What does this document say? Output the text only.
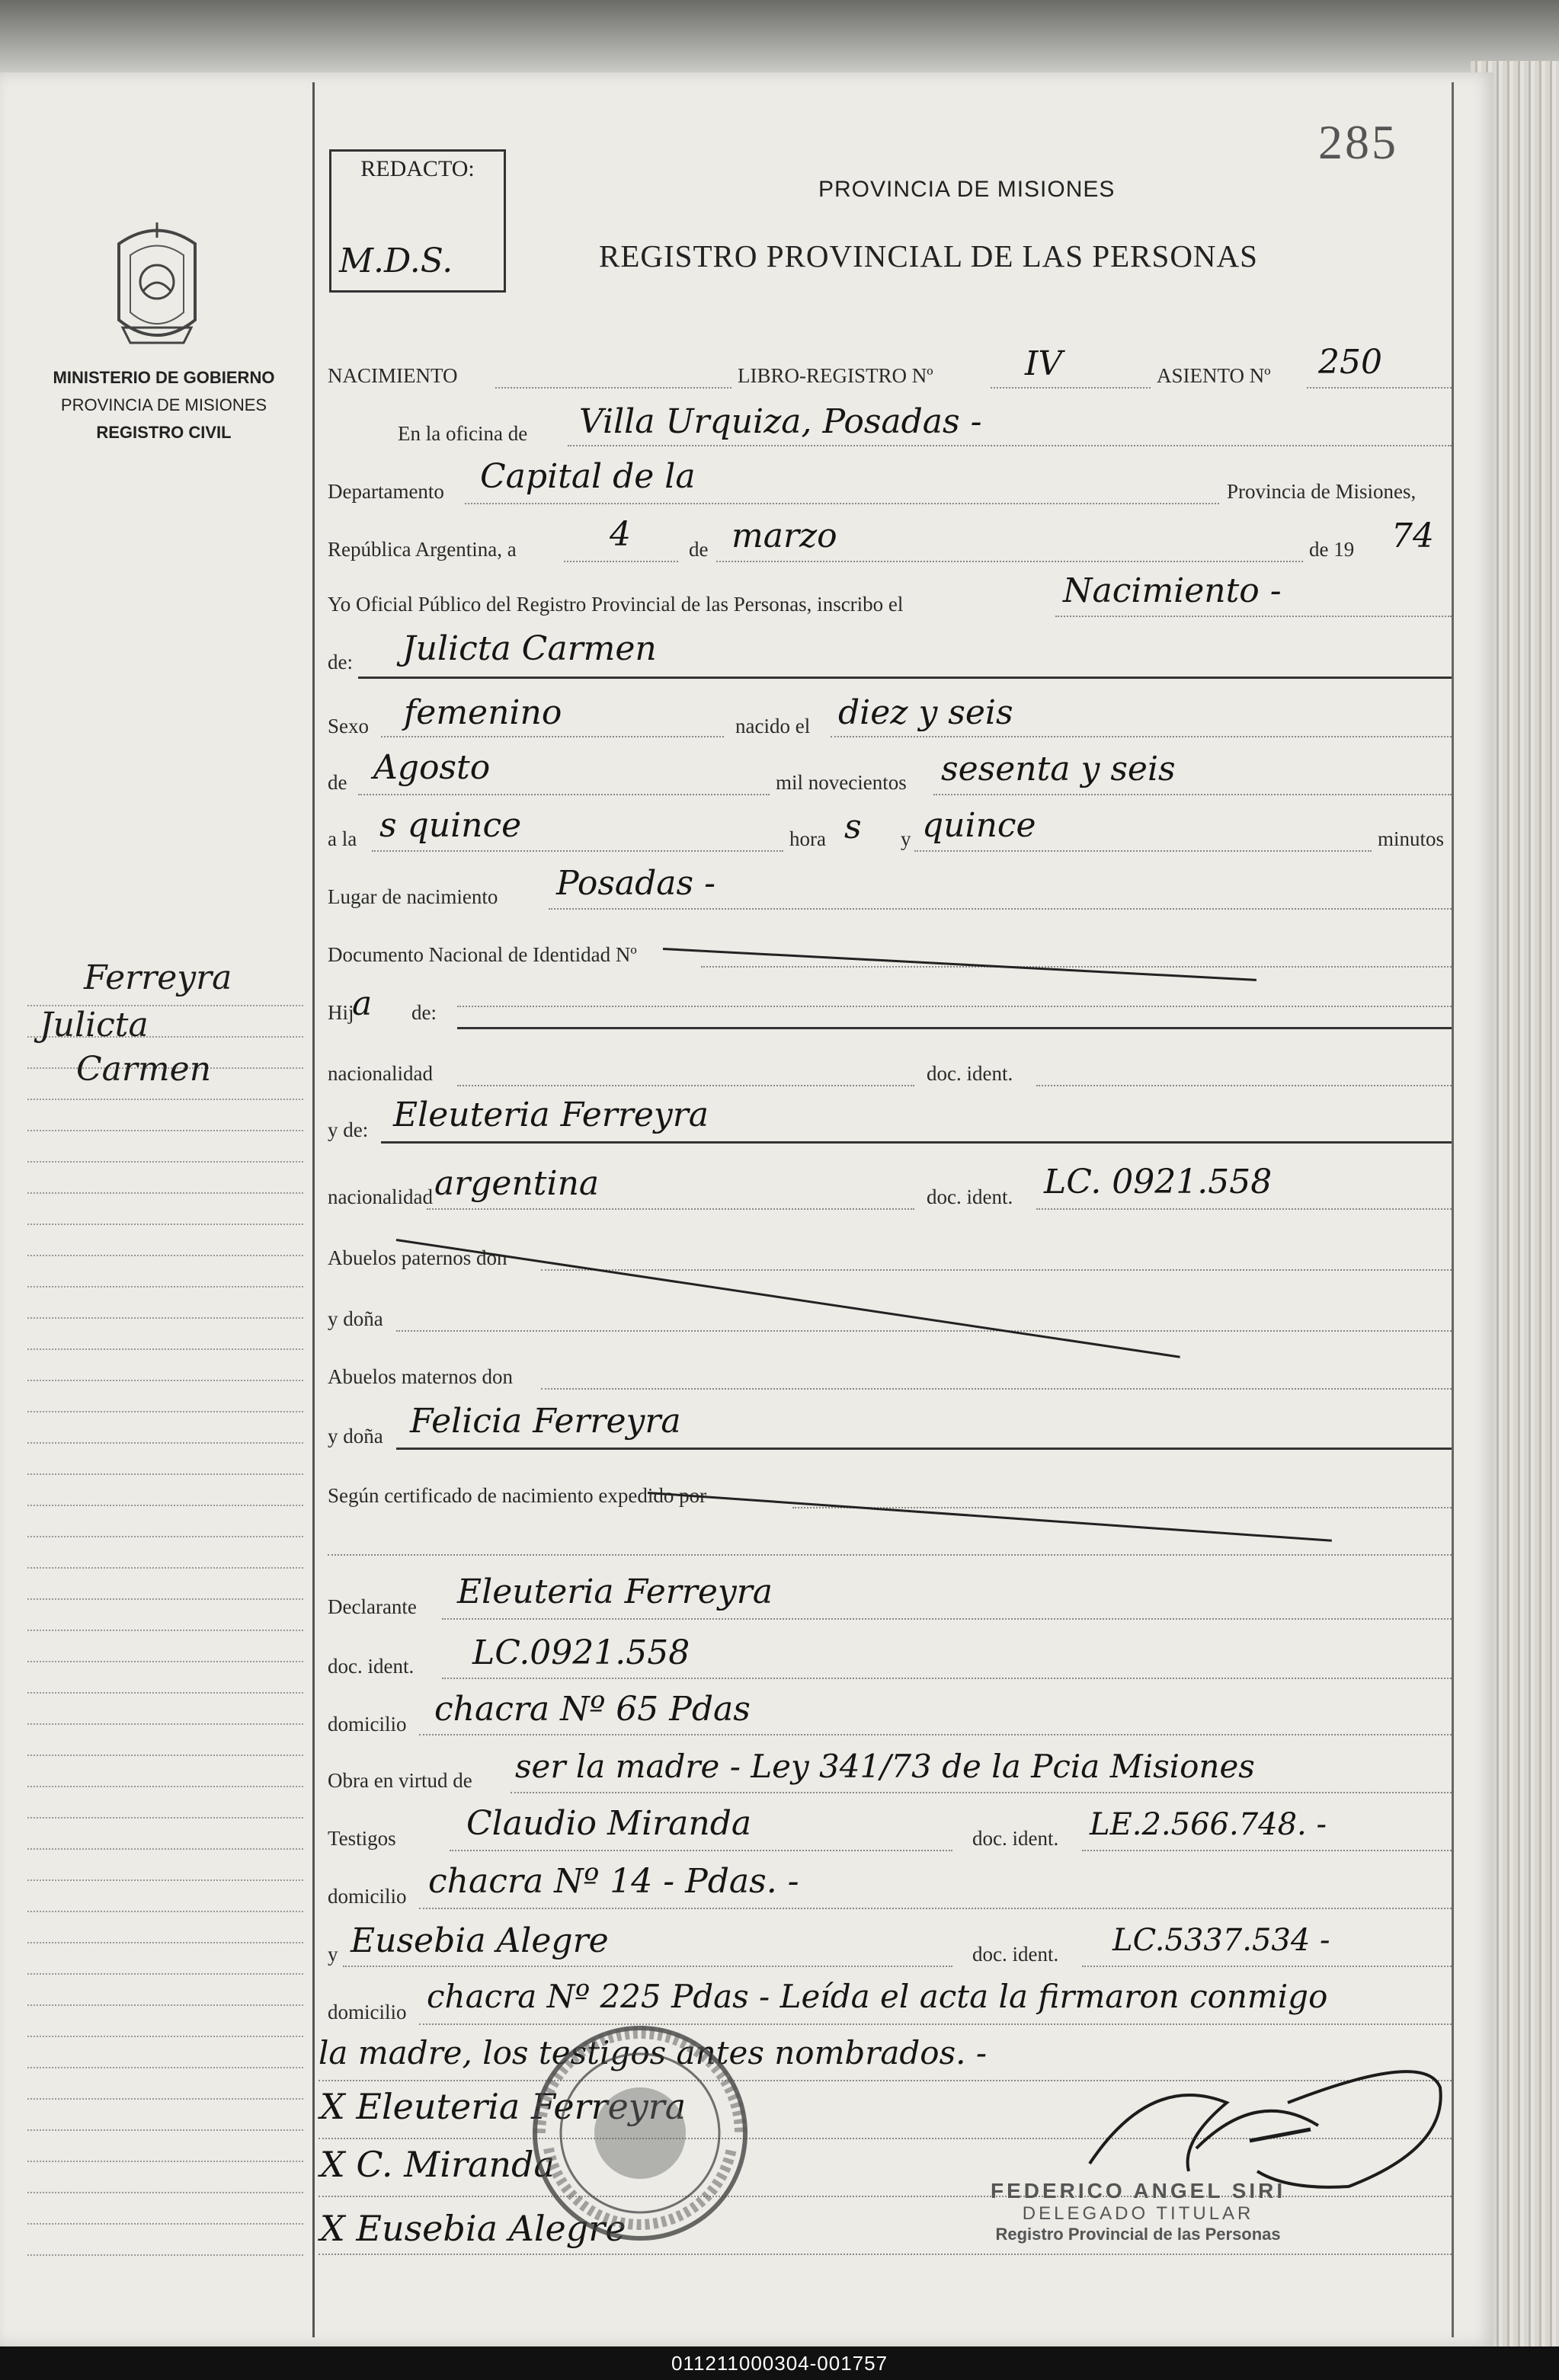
MINISTERIO DE GOBIERNO
PROVINCIA DE MISIONES
REGISTRO CIVIL
Ferreyra
Julicta
Carmen
REDACTO:
M.D.S.
285
PROVINCIA DE MISIONES
REGISTRO PROVINCIAL DE LAS PERSONAS
NACIMIENTO	LIBRO-REGISTRO Nº	IV	ASIENTO Nº 250
En la oficina de Villa Urquiza, Posadas -
Departamento Capital de la	Provincia de Misiones,
República Argentina, a	4	de marzo	de 19 74
Yo Oficial Público del Registro Provincial de las Personas, inscribo el	Nacimiento -
de: Julicta Carmen
Sexo femenino	nacido el diez y seis
de Agosto	mil novecientos sesenta y seis
a la s quince	hora s y quince	minutos
Lugar de nacimiento Posadas -
Documento Nacional de Identidad Nº
Hij
a de:
nacionalidad	doc. ident.
y de: Eleuteria Ferreyra
nacionalidad argentina	doc. ident. LC. 0921.558
Abuelos paternos don
y doña
Abuelos maternos don
y doña Felicia Ferreyra
Según certificado de nacimiento expedido por
Declarante Eleuteria Ferreyra
doc. ident. LC.0921.558
domicilio chacra Nº 65 Pdas
Obra en virtud de ser la madre - Ley 341/73 de la Pcia Misiones
Testigos Claudio Miranda	doc. ident. LE.2.566.748. -
domicilio chacra Nº 14 - Pdas. -
y Eusebia Alegre	doc. ident. LC.5337.534 -
domicilio chacra Nº 225 Pdas - Leída el acta la firmaron conmigo
la madre, los testigos antes nombrados. -
X Eleuteria Ferreyra
X C. Miranda
X Eusebia Alegre
FEDERICO ANGEL SIRI
DELEGADO TITULAR
Registro Provincial de las Personas
011211000304-001757
